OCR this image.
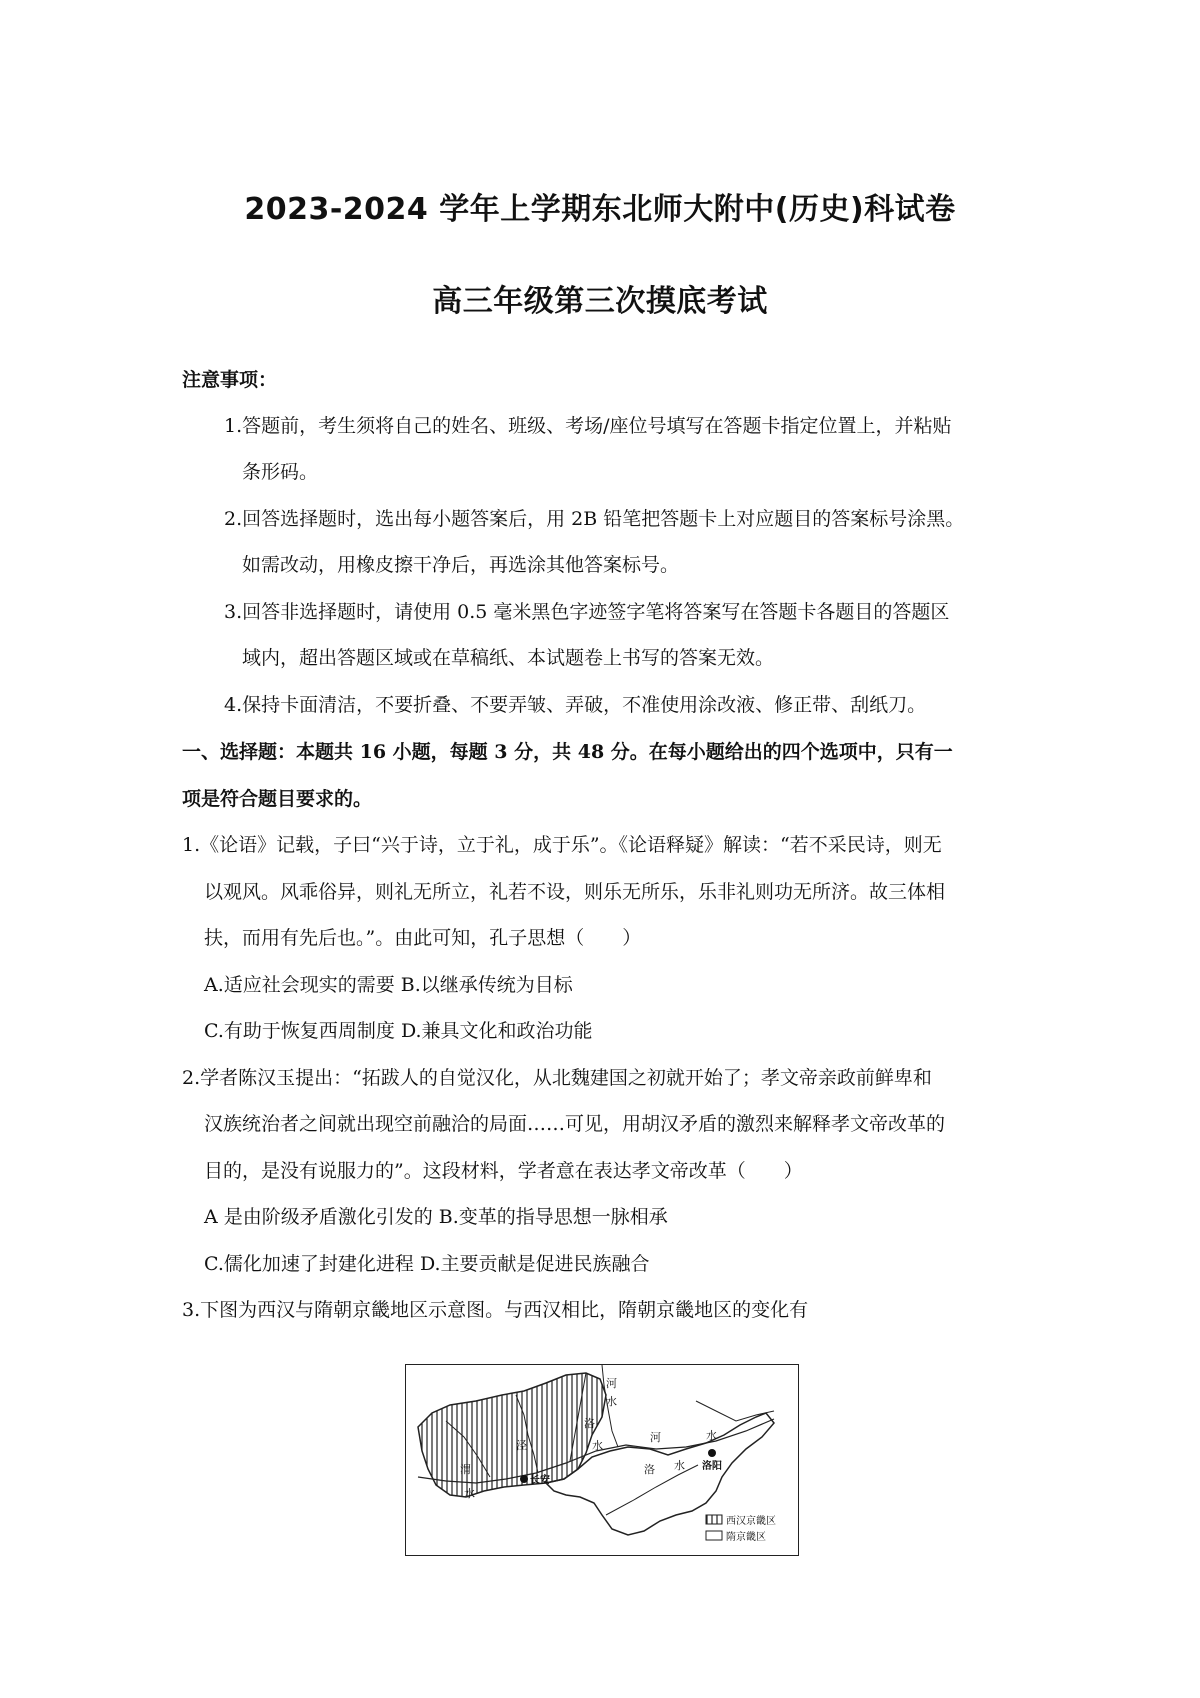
2023-2024 学年上学期东北师大附中(历史)科试卷
高三年级第三次摸底考试
注意事项：
1.答题前，考生须将自己的姓名、班级、考场/座位号填写在答题卡指定位置上，并粘贴
条形码。
2.回答选择题时，选出每小题答案后，用 2B 铅笔把答题卡上对应题目的答案标号涂黑。
如需改动，用橡皮擦干净后，再选涂其他答案标号。
3.回答非选择题时，请使用 0.5 毫米黑色字迹签字笔将答案写在答题卡各题目的答题区
域内，超出答题区域或在草稿纸、本试题卷上书写的答案无效。
4.保持卡面清洁，不要折叠、不要弄皱、弄破，不准使用涂改液、修正带、刮纸刀。
一、选择题：本题共 16 小题，每题 3 分，共 48 分。在每小题给出的四个选项中，只有一
项是符合题目要求的。
1.《论语》记载，子曰“兴于诗，立于礼，成于乐”。《论语释疑》解读：“若不采民诗，则无
以观风。风乖俗异，则礼无所立，礼若不设，则乐无所乐，乐非礼则功无所济。故三体相
扶，而用有先后也。”。由此可知，孔子思想（　　）
A.适应社会现实的需要 B.以继承传统为目标
C.有助于恢复西周制度 D.兼具文化和政治功能
2.学者陈汉玉提出：“拓跋人的自觉汉化，从北魏建国之初就开始了；孝文帝亲政前鲜卑和
汉族统治者之间就出现空前融洽的局面……可见，用胡汉矛盾的激烈来解释孝文帝改革的
目的，是没有说服力的”。这段材料，学者意在表达孝文帝改革（　　）
A 是由阶级矛盾激化引发的 B.变革的指导思想一脉相承
C.儒化加速了封建化进程 D.主要贡献是促进民族融合
3.下图为西汉与隋朝京畿地区示意图。与西汉相比，隋朝京畿地区的变化有
河
水
洛
泾	水
河	水
洛 水
渭
水
长安
洛阳
西汉京畿区
隋京畿区
